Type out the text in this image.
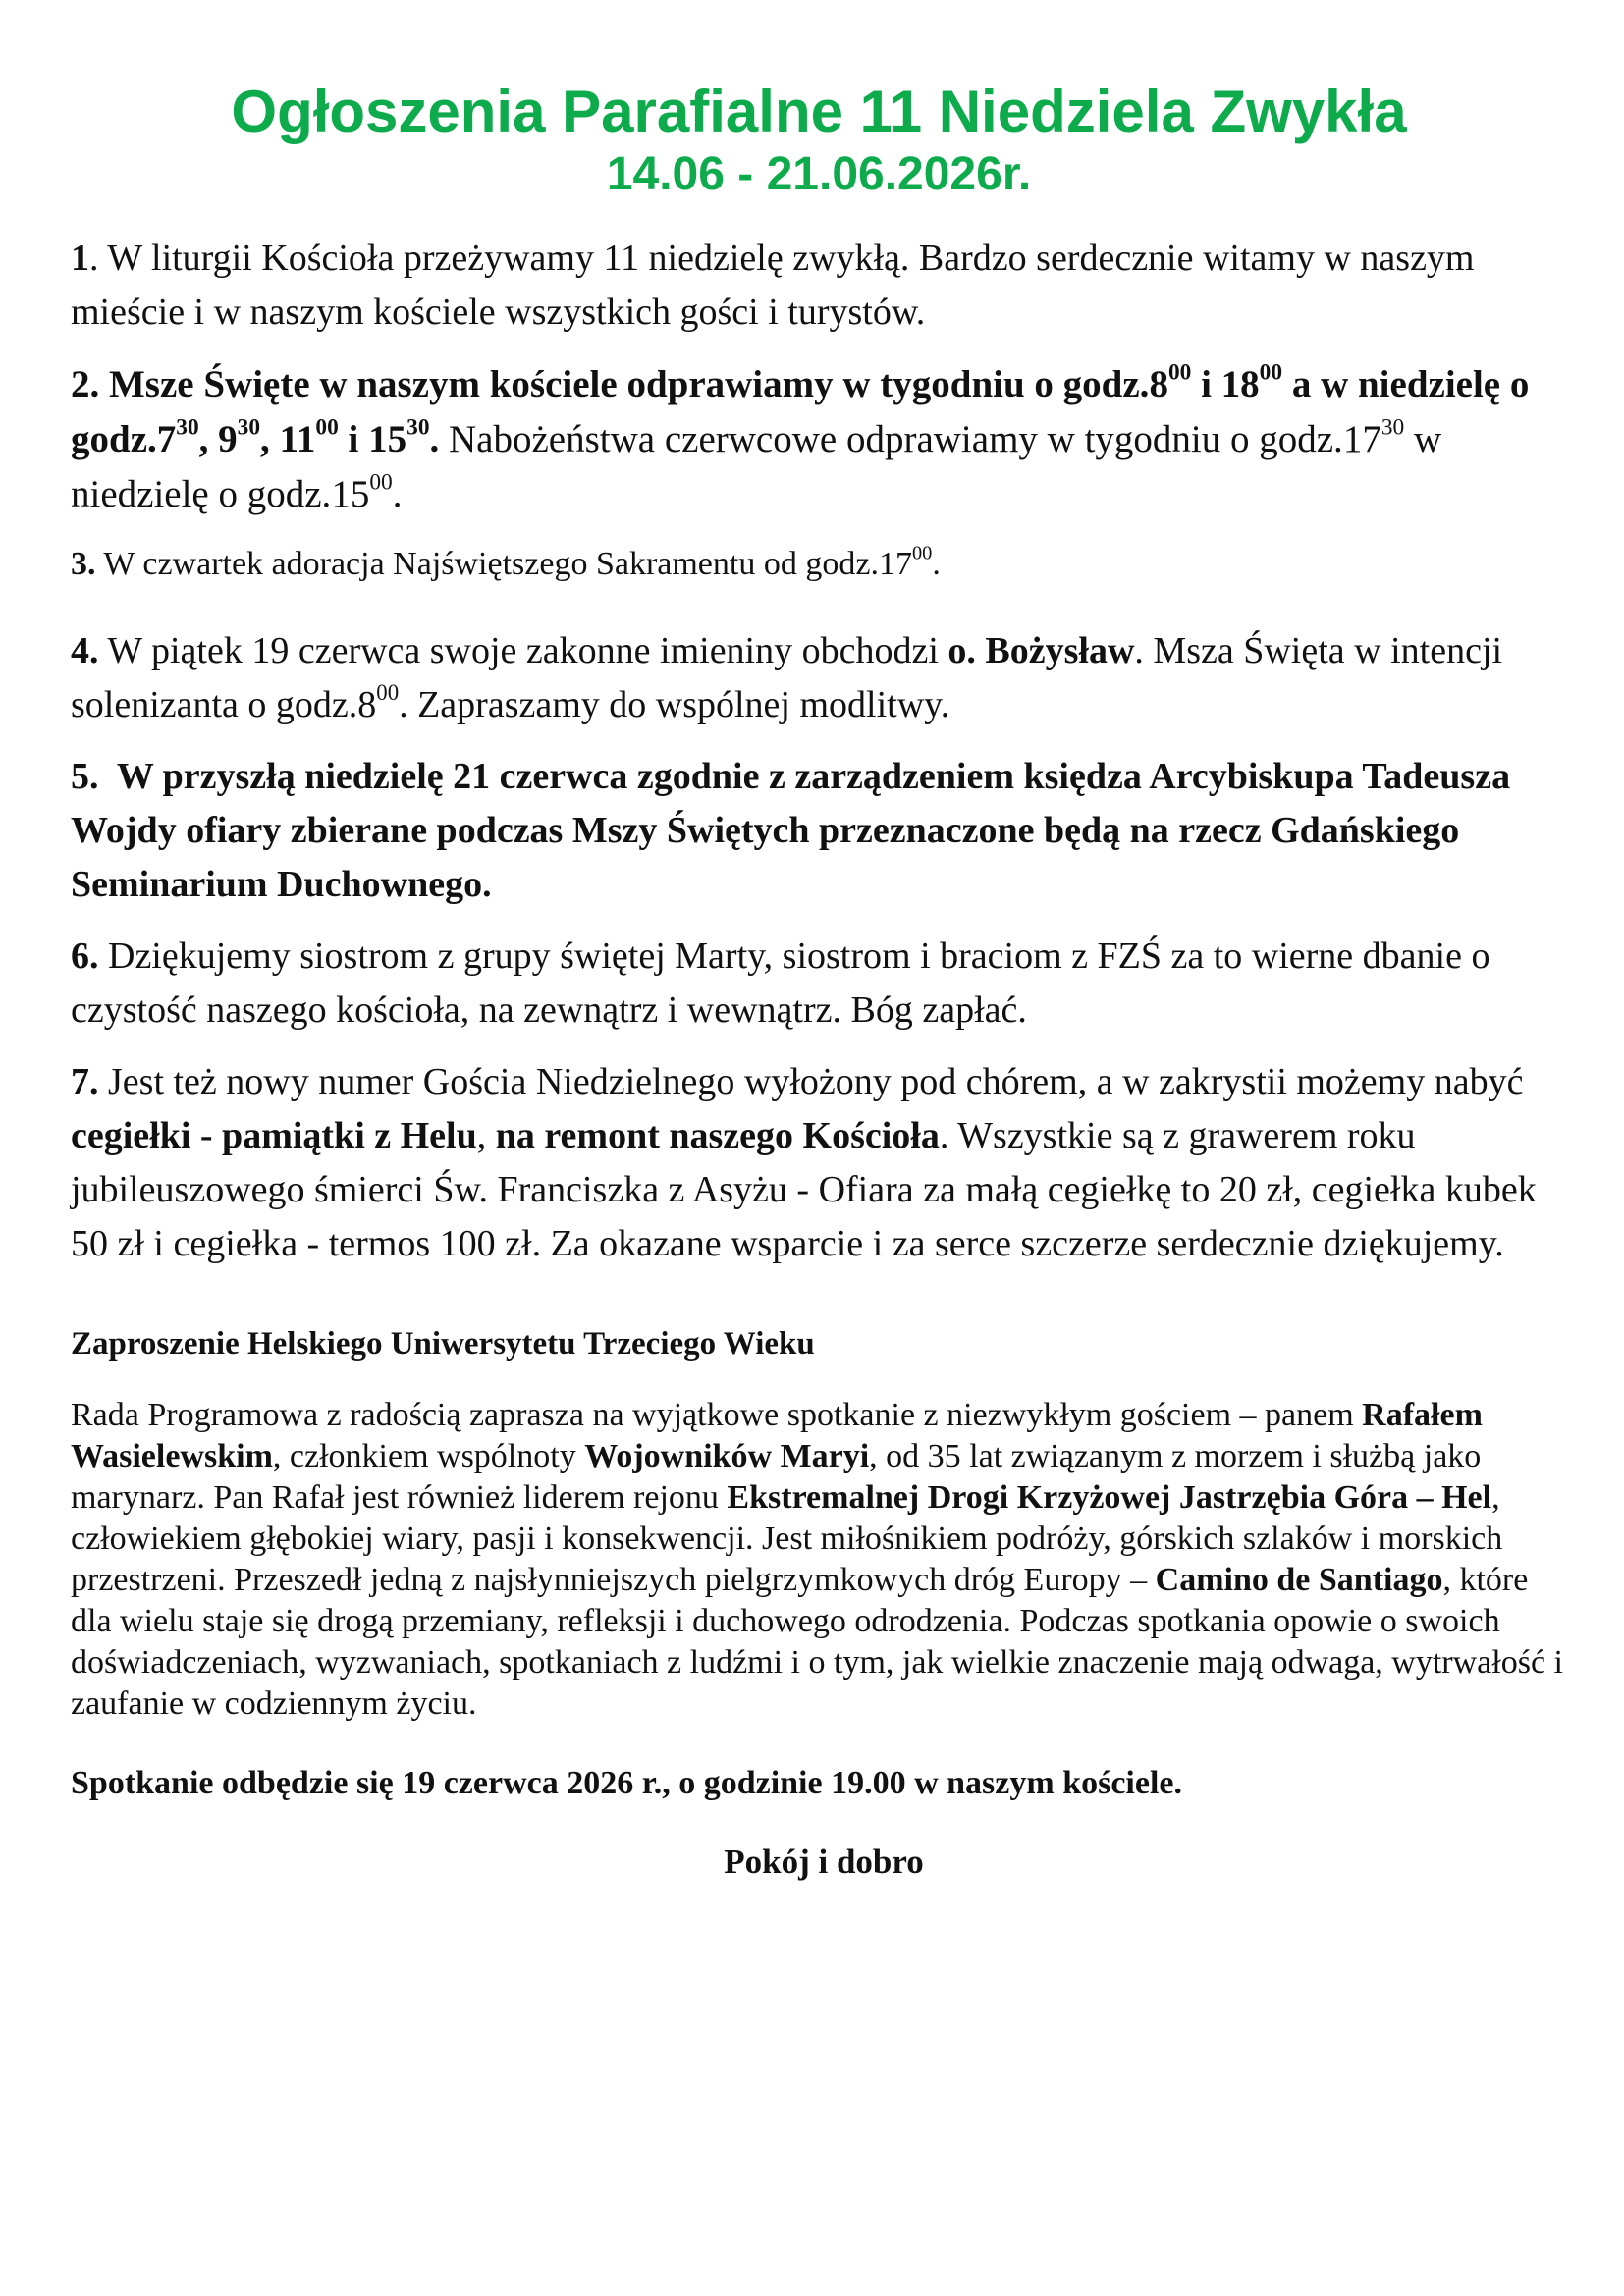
Ogłoszenia Parafialne 11 Niedziela Zwykła
14.06 - 21.06.2026r.

1. W liturgii Kościoła przeżywamy 11 niedzielę zwykłą. Bardzo serdecznie witamy w naszym mieście i w naszym kościele wszystkich gości i turystów.

2. Msze Święte w naszym kościele odprawiamy w tygodniu o $godz.8^{00}$ i $18^{00}$ a w niedzielę o $godz.7^{30}$, $9^{30}$, $11^{00}$ i $15^{30}$. Nabożeństwa czerwcowe odprawiamy w tygodniu o $godz.17^{30}$ w niedzielę o $godz.15^{00}$.

3. W czwartek adoracja Najświętszego Sakramentu od $godz.17^{00}$.

4. W piątek 19 czerwca swoje zakonne imieniny obchodzi o. Bożysław. Msza Święta w intencji solenizanta o $godz.8^{00}$. Zapraszamy do wspólnej modlitwy.

5. W przyszłą niedzielę 21 czerwca zgodnie z zarządzeniem księdza Arcybiskupa Tadeusza Wojdy ofiary zbierane podczas Mszy Świętych przeznaczone będą na rzecz Gdańskiego Seminarium Duchownego.

6. Dziękujemy siostrom z grupy świętej Marty, siostrom i braciom z FZŚ za to wierne dbanie o czystość naszego kościoła, na zewnątrz i wewnątrz. Bóg zapłać.

7. Jest też nowy numer Gościa Niedzielnego wyłożony pod chórem, a w zakrystii możemy nabyć cegiełki - pamiątki z Helu, na remont naszego Kościoła. Wszystkie są z grawerem roku jubileuszowego śmierci Św. Franciszka z Asyżu - Ofiara za małą cegiełkę to 20 zł, cegiełka kubek 50 zł i cegiełka - termos 100 zł. Za okazane wsparcie i za serce szczerze serdecznie dziękujemy.

Zaproszenie Helskiego Uniwersytetu Trzeciego Wieku

Rada Programowa z radością zaprasza na wyjątkowe spotkanie z niezwykłym gościem – panem Rafałem Wasielewskim, członkiem wspólnoty Wojowników Maryi, od 35 lat związanym z morzem i służbą jako marynarz. Pan Rafał jest również liderem rejonu Ekstremalnej Drogi Krzyżowej Jastrzębia Góra – Hel, człowiekiem głębokiej wiary, pasji i konsekwencji. Jest miłośnikiem podróży, górskich szlaków i morskich przestrzeni. Przeszedł jedną z najsłynniejszych pielgrzymkowych dróg Europy – Camino de Santiago, które dla wielu staje się drogą przemiany, refleksji i duchowego odrodzenia. Podczas spotkania opowie o swoich doświadczeniach, wyzwaniach, spotkaniach z ludźmi i o tym, jak wielkie znaczenie mają odwaga, wytrwałość i zaufanie w codziennym życiu.

Spotkanie odbędzie się 19 czerwca 2026 r., o godzinie 19.00 w naszym kościele.

Pokój i dobro
